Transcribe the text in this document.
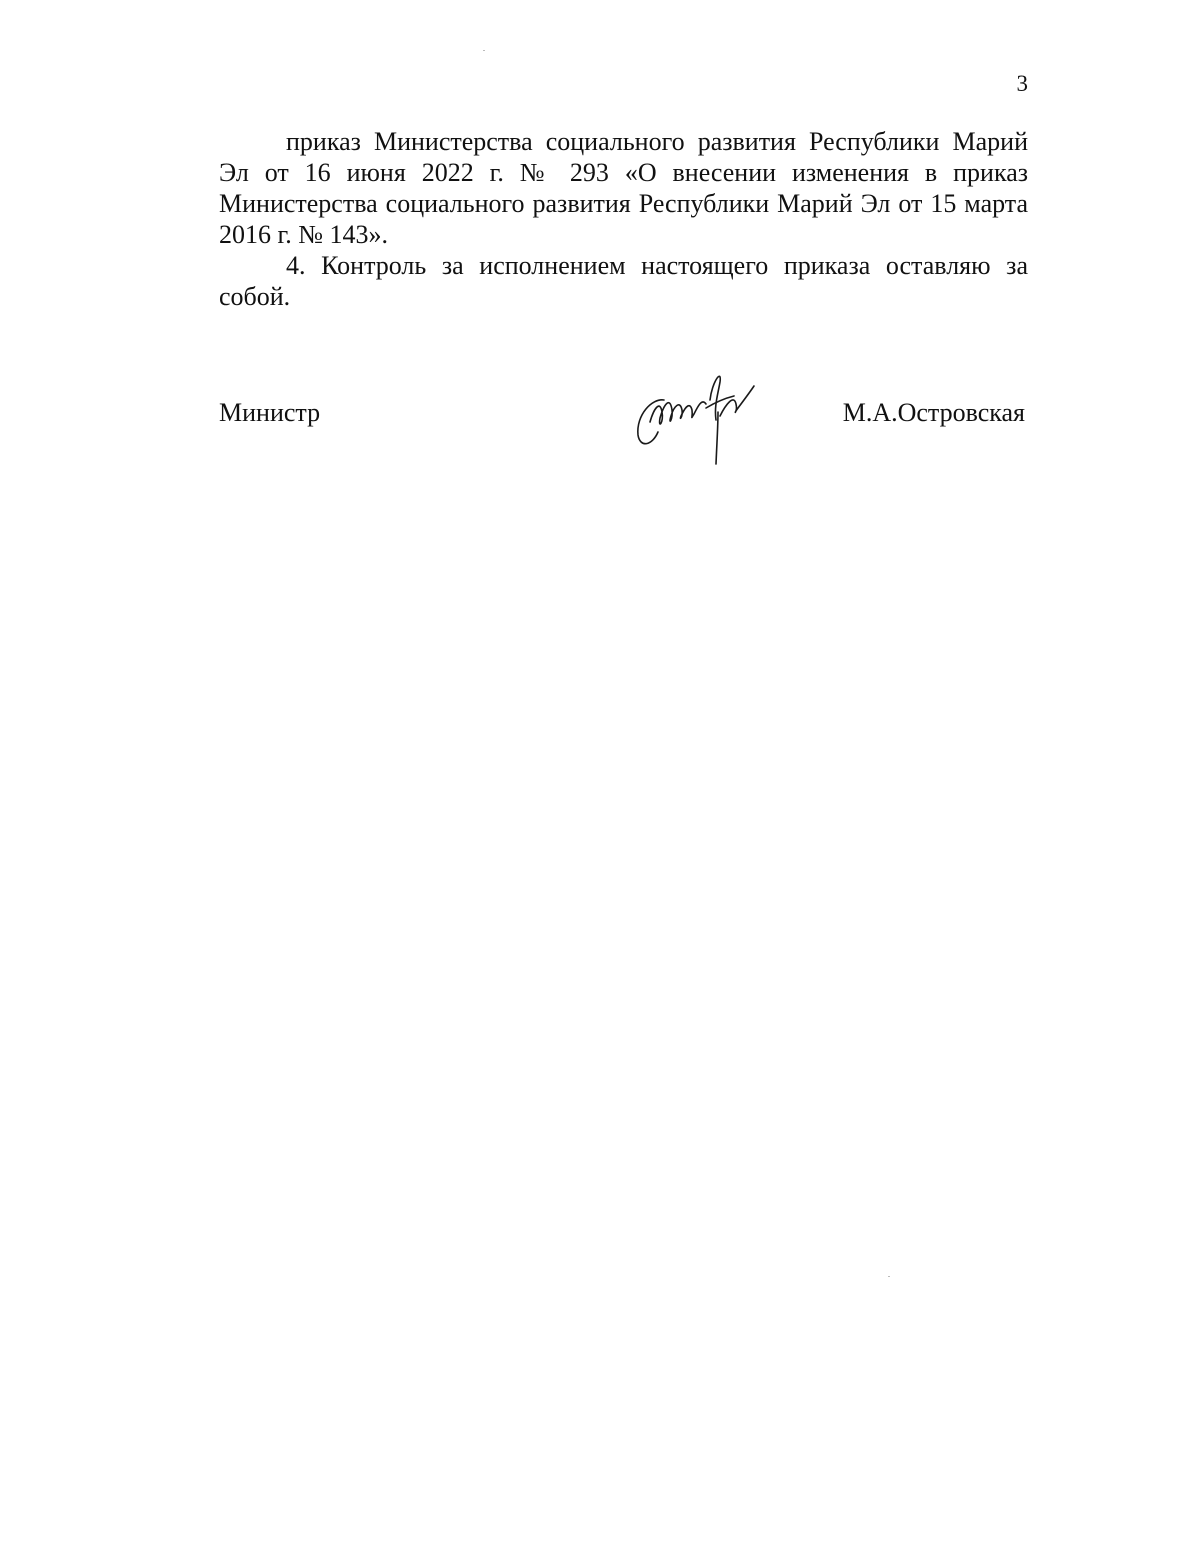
3

приказ Министерства социального развития Республики Марий Эл от 16 июня 2022 г. № 293 «О внесении изменения в приказ Министерства социального развития Республики Марий Эл от 15 марта 2016 г. № 143».

4. Контроль за исполнением настоящего приказа оставляю за собой.

Министр	М.А.Островская
